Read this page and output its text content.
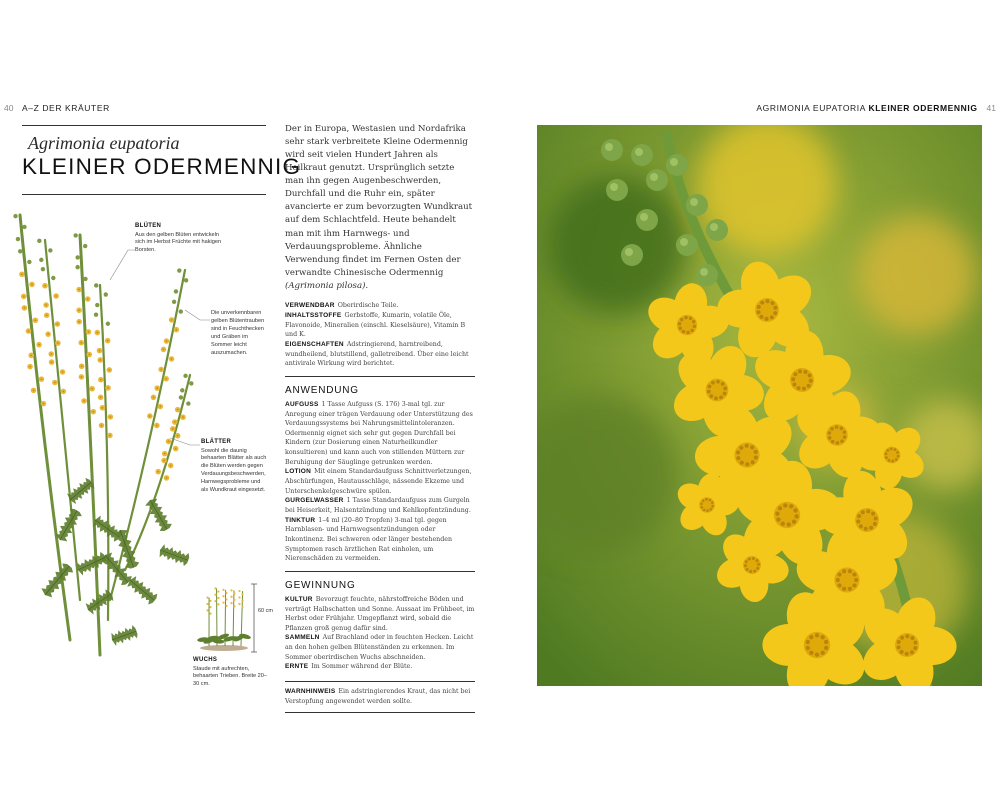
40 A–Z DER KRÄUTER	AGRIMONIA EUPATORIA KLEINER ODERMENNIG 41
Agrimonia eupatoria
KLEINER ODERMENNIG
BLÜTEN
Aus den gelben Blüten entwickeln sich im Herbst Früchte mit hakigen Borsten.
Die unverkennbaren gelben Blütentrauben sind in Feuchthecken und Gräben im Sommer leicht auszumachen.
BLÄTTER
Sowohl die daunig behaarten Blätter als auch die Blüten werden gegen Verdauungsbeschwerden, Harnwegsprobleme und als Wundkraut eingesetzt.
60 cm
WUCHS
Staude mit aufrechten, behaarten Trieben. Breite 20–30 cm.

Der in Europa, Westasien und Nordafrika sehr stark verbreitete Kleine Odermennig wird seit vielen Hundert Jahren als Heilkraut genutzt. Ursprünglich setzte man ihn gegen Augenbeschwerden, Durchfall und die Ruhr ein, später avancierte er zum bevorzugten Wundkraut auf dem Schlachtfeld. Heute behandelt man mit ihm Harnwegs- und Verdauungsprobleme. Ähnliche Verwendung findet im Fernen Osten der verwandte Chinesische Odermennig (Agrimonia pilosa).

VERWENDBAR Oberirdische Teile.

INHALTSSTOFFE Gerbstoffe, Kumarin, volatile Öle, Flavonoide, Mineralien (einschl. Kieselsäure), Vitamin B und K.

EIGENSCHAFTEN Adstringierend, harntreibend, wundheilend, blutstillend, galletreibend. Über eine leicht antivirale Wirkung wird berichtet.

ANWENDUNG

AUFGUSS 1 Tasse Aufguss (S. 176) 3-mal tgl. zur Anregung einer trägen Verdauung oder Unterstützung des Verdauungssystems bei Nahrungsmittelintoleranzen. Odermennig eignet sich sehr gut gegen Durchfall bei Kindern (zur Dosierung einen Naturheilkundler konsultieren) und kann auch von stillenden Müttern zur Beruhigung der Säuglinge getrunken werden.

LOTION Mit einem Standardaufguss Schnittverletzungen, Abschürfungen, Hautausschläge, nässende Ekzeme und Unterschenkelgeschwüre spülen.

GURGELWASSER 1 Tasse Standardaufguss zum Gurgeln bei Heiserkeit, Halsentzündung und Kehlkopfentzündung.

TINKTUR 1–4 ml (20–80 Tropfen) 3-mal tgl. gegen Harnblasen- und Harnwegsentzündungen oder Inkontinenz. Bei schweren oder länger bestehenden Symptomen rasch ärztlichen Rat einholen, um Nierenschäden zu vermeiden.

GEWINNUNG

KULTUR Bevorzugt feuchte, nährstoffreiche Böden und verträgt Halbschatten und Sonne. Aussaat im Frühbeet, im Herbst oder Frühjahr. Umgepflanzt wird, sobald die Pflanzen groß genug dafür sind.

SAMMELN Auf Brachland oder in feuchten Hecken. Leicht an den hohen gelben Blütenständen zu erkennen. Im Sommer oberirdischen Wuchs abschneiden.

ERNTE Im Sommer während der Blüte.

WARNHINWEIS Ein adstringierendes Kraut, das nicht bei Verstopfung angewendet werden sollte.
